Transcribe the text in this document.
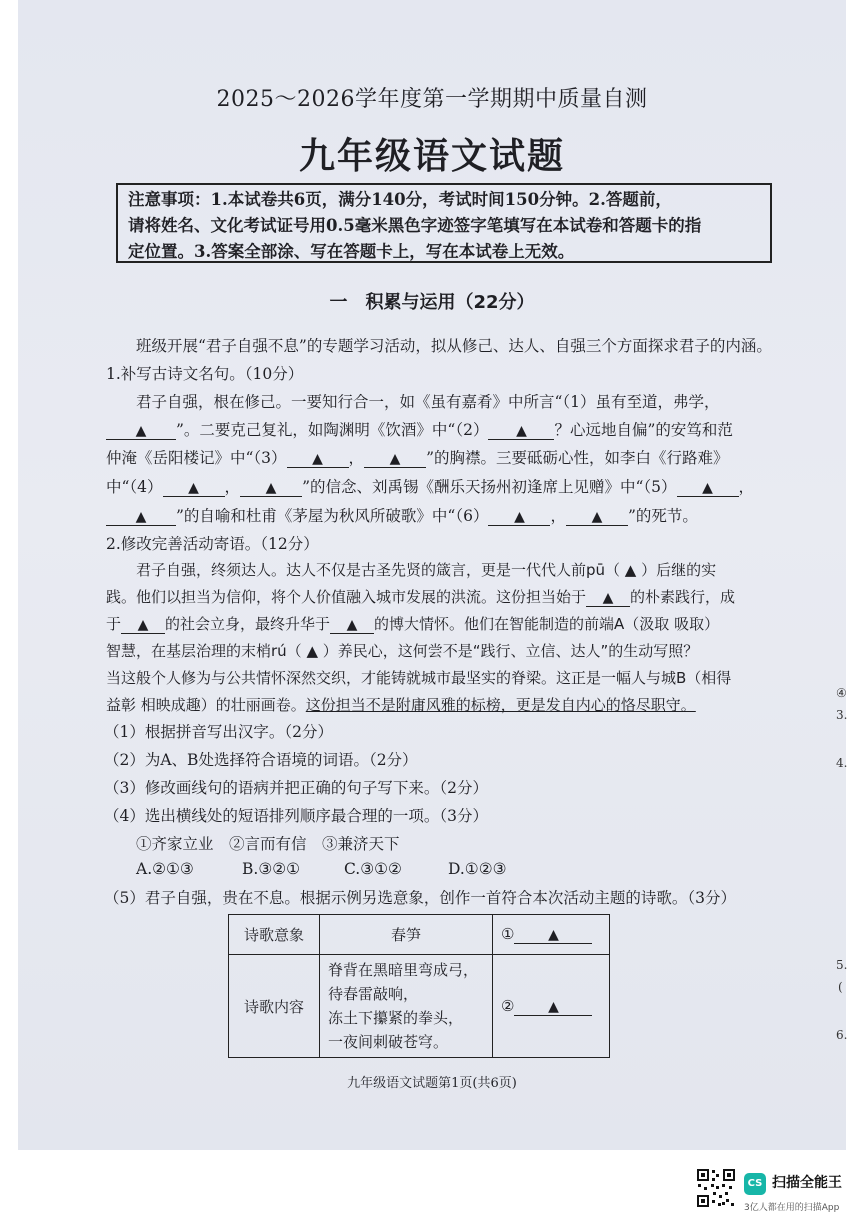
2025～2026学年度第一学期期中质量自测
九年级语文试题
注意事项：1.本试卷共6页，满分140分，考试时间150分钟。2.答题前，
请将姓名、文化考试证号用0.5毫米黑色字迹签字笔填写在本试卷和答题卡的指
定位置。3.答案全部涂、写在答题卡上，写在本试卷上无效。
一　积累与运用（22分）
班级开展“君子自强不息”的专题学习活动，拟从修己、达人、自强三个方面探求君子的内涵。
1.补写古诗文名句。（10分）
君子自强，根在修己。一要知行合一，如《虽有嘉肴》中所言“（1）虽有至道，弗学，
▲ ”。二要克己复礼，如陶渊明《饮酒》中“（2） ▲ ？心远地自偏”的安笃和范
仲淹《岳阳楼记》中“（3） ▲ ， ▲ ”的胸襟。三要砥砺心性，如李白《行路难》
中“（4） ▲ ， ▲ ”的信念、刘禹锡《酬乐天扬州初逢席上见赠》中“（5） ▲ ，
▲ ”的自喻和杜甫《茅屋为秋风所破歌》中“（6） ▲ ， ▲ ”的死节。
2.修改完善活动寄语。（12分）
君子自强，终须达人。达人不仅是古圣先贤的箴言，更是一代代人前pū（ ▲ ）后继的实
践。他们以担当为信仰，将个人价值融入城市发展的洪流。这份担当始于 ▲ 的朴素践行，成
于 ▲ 的社会立身，最终升华于 ▲ 的博大情怀。他们在智能制造的前端A（汲取 吸取）
智慧，在基层治理的末梢rú（ ▲ ）养民心，这何尝不是“践行、立信、达人”的生动写照？
当这般个人修为与公共情怀深然交织，才能铸就城市最坚实的脊梁。这正是一幅人与城B（相得
益彰 相映成趣）的壮丽画卷。这份担当不是附庸风雅的标榜，更是发自内心的恪尽职守。
（1）根据拼音写出汉字。（2分）
（2）为A、B处选择符合语境的词语。（2分）
（3）修改画线句的语病并把正确的句子写下来。（2分）
（4）选出横线处的短语排列顺序最合理的一项。（3分）
①齐家立业　②言而有信　③兼济天下
A.②①③	B.③②①	C.③①②	D.①②③
（5）君子自强，贵在不息。根据示例另选意象，创作一首符合本次活动主题的诗歌。（3分）
诗歌意象	春笋	① ▲
诗歌内容	脊背在黑暗里弯成弓，
待春雷敲响，
冻土下攥紧的拳头，
一夜间刺破苍穹。	② ▲
九年级语文试题第1页(共6页)
④
3.
4.
5.
(
6.
CS 扫描全能王
3亿人都在用的扫描App
